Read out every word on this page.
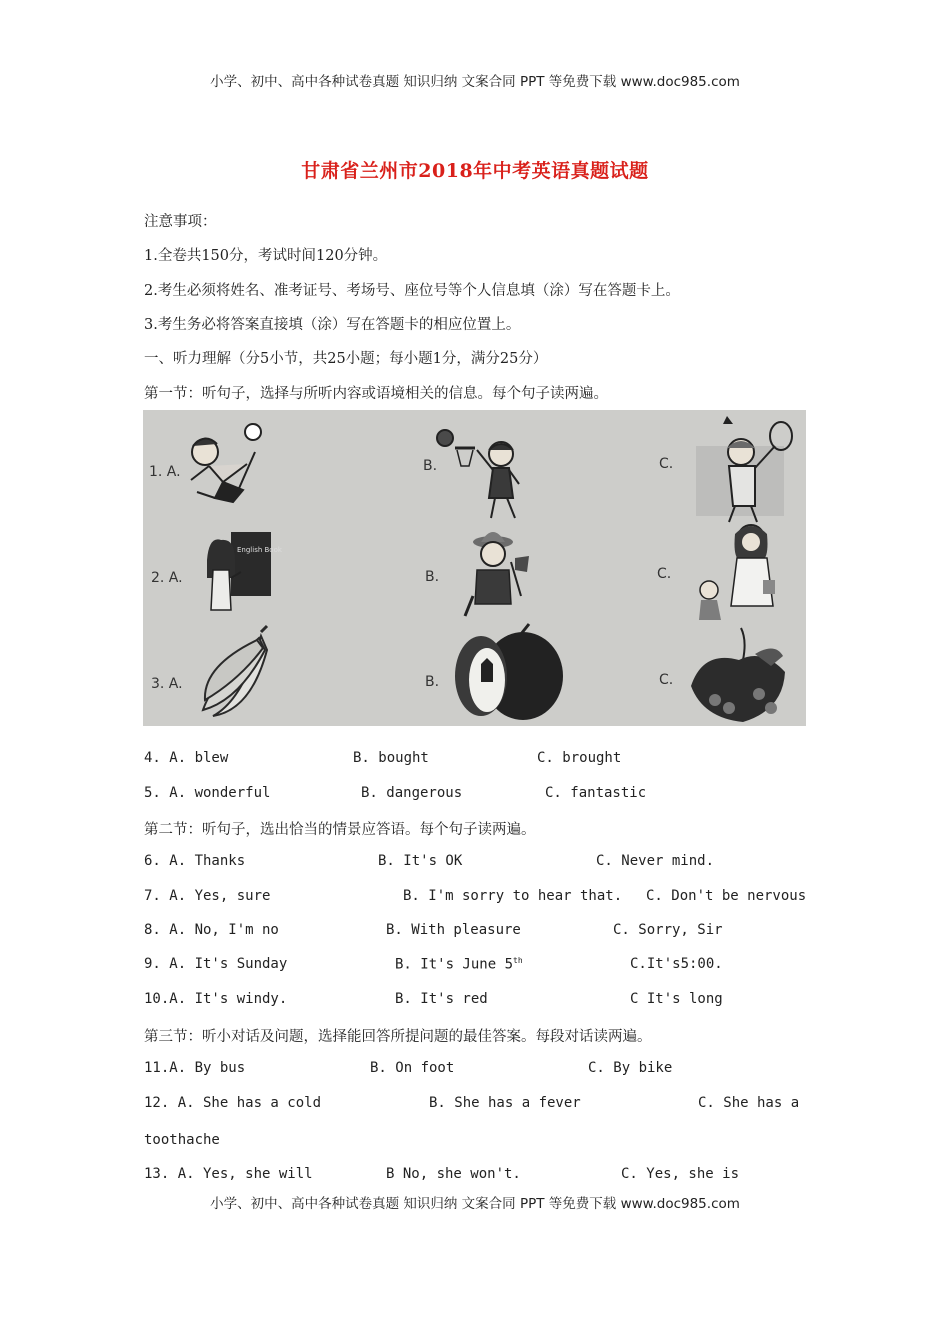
小学、初中、高中各种试卷真题 知识归纳 文案合同 PPT 等免费下载 www.doc985.com
甘肃省兰州市2018年中考英语真题试题
注意事项：
1.全卷共150分，考试时间120分钟。
2.考生必须将姓名、准考证号、考场号、座位号等个人信息填（涂）写在答题卡上。
3.考生务必将答案直接填（涂）写在答题卡的相应位置上。
一、听力理解（分5小节，共25小题；每小题1分，满分25分）
第一节：听句子，选择与所听内容或语境相关的信息。每个句子读两遍。
1. A.	B.	C.
2. A.	B.	C.
3. A.	B.	C.
English Book
4. A. blew	B. bought	C. brought
5. A. wonderful	B. dangerous	C. fantastic
第二节：听句子，选出恰当的情景应答语。每个句子读两遍。
6. A. Thanks	B. It's OK	C. Never mind.
7. A. Yes, sure	B. I'm sorry to hear that. C. Don't be nervous
8. A. No, I'm no	B. With pleasure	C. Sorry, Sir
9. A. It's Sunday	B. It's June 5th	C.It's5:00.
10.A. It's windy.	B. It's red	C It's long
第三节：听小对话及问题，选择能回答所提问题的最佳答案。每段对话读两遍。
11.A. By bus	B. On foot	C. By bike
12. A. She has a cold	B. She has a fever	C. She has a
toothache
13. A. Yes, she will	B No, she won't.	C. Yes, she is
小学、初中、高中各种试卷真题 知识归纳 文案合同 PPT 等免费下载 www.doc985.com
